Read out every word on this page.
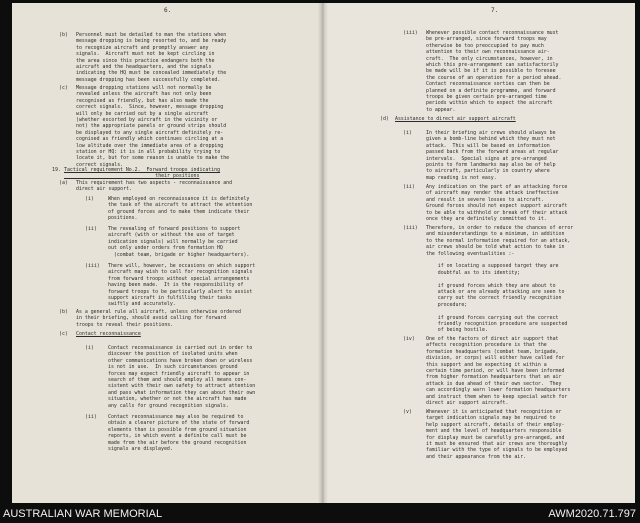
6.
(b) Personnel must be detailed to man the stations when
message dropping is being resorted to, and be ready
to recognize aircraft and promptly answer any
signals.  Aircraft must not be kept circling in
the area since this practice endangers both the
aircraft and the headquarters, and the signals
indicating the HQ must be concealed immediately the
message dropping has been successfully completed.
(c) Message dropping stations will not normally be
revealed unless the aircraft has not only been
recognised as friendly, but has also made the
correct signals.  Since, however, message dropping
will only be carried out by a single aircraft
(whether escorted by aircraft in the vicinity or
not) the appropriate panels or ground strips should
be displayed to any single aircraft definitely re-
cognised as friendly which continues circling at a
low altitude over the immediate area of a dropping
station or HQ: it is in all probability trying to
locate it, but for some reason is unable to make the
correct signals.
19. Tactical requirement No.2.  Forward troops indicating
their positions
(a) This requirement has two aspects - reconnaissance and
direct air support.
(i)	When employed on reconnaissance it is definitely
the task of the aircraft to attract the attention
of ground forces and to make them indicate their
positions.
(ii) The revealing of forward positions to support
aircraft (with or without the use of target
indication signals) will normally be carried
out only under orders from formation HQ
(combat team, brigade or higher headquarters).
(iii) There will, however, be occasions on which support
aircraft may wish to call for recognition signals
from forward troops without special arrangements
having been made.  It is the responsibility of
forward troops to be particularly alert to assist
support aircraft in fulfilling their tasks
swiftly and accurately.
(b) As a general rule all aircraft, unless otherwise ordered
in their briefing, should avoid calling for forward
troops to reveal their positions.
(c) Contact reconnaissance
(i)	Contact reconnaissance is carried out in order to
discover the position of isolated units when
other communications have broken down or wireless
is not in use.  In such circumstances ground
forces may expect friendly aircraft to appear in
search of them and should employ all means con-
sistent with their own safety to attract attention
and pass what information they can about their own
situation, whether or not the aircraft has made
any calls for ground recognition signals.
(ii) Contact reconnaissance may also be required to
obtain a clearer picture of the state of forward
elements than is possible from ground situation
reports, in which event a definite call must be
made from the air before the ground recognition
signals are displayed.
7.
(iii) Whenever possible contact reconnaissance must
be pre-arranged, since forward troops may
otherwise be too preoccupied to pay much
attention to their own reconnaissance air-
craft.  The only circumstances, however, in
which this pre-arrangement can satisfactorily
be made will be if it is possible to foresee
the course of an operation for a period ahead.
Contact reconnaissance sorties can then be
planned on a definite programme, and forward
troops be given certain pre-arranged time
periods within which to expect the aircraft
to appear.
(d) Assistance to direct air support aircraft
(i)	In their briefing air crews should always be
given a bomb-line behind which they must not
attack.  This will be based on information
passed back from the forward areas at regular
intervals.  Special signs at pre-arranged
points to form landmarks may also be of help
to aircraft, particularly in country where
map reading is not easy.
(ii) Any indication on the part of an attacking force
of aircraft may render the attack ineffective
and result in severe losses to aircraft.
Ground forces should not expect support aircraft
to be able to withhold or break off their attack
once they are definitely committed to it.
(iii) Therefore, in order to reduce the chances of error
and misunderstandings to a minimum, in addition
to the normal information required for an attack,
air crews should be told what action to take in
the following eventualities :-
if on locating a supposed target they are
doubtful as to its identity;
if ground forces which they are about to
attack or are already attacking are seen to
carry out the correct friendly recognition
procedure;
if ground forces carrying out the correct
friendly recognition procedure are suspected
of being hostile.
(iv) One of the factors of direct air support that
affects recognition procedure is that the
formation headquarters (combat team, brigade,
division, or corps) will either have called for
this support and be expecting it within a
certain time period, or will have been informed
from higher formation headquarters that an air
attack is due ahead of their own sector.  They
can accordingly warn lower formation headquarters
and instruct them when to keep special watch for
direct air support aircraft.
(v)	Whenever it is anticipated that recognition or
target indication signals may be required to
help support aircraft, details of their employ-
ment and the level of headquarters responsible
for display must be carefully pre-arranged, and
it must be ensured that air crews are thoroughly
familiar with the type of signals to be employed
and their appearance from the air.
AUSTRALIAN WAR MEMORIAL	AWM2020.71.797
